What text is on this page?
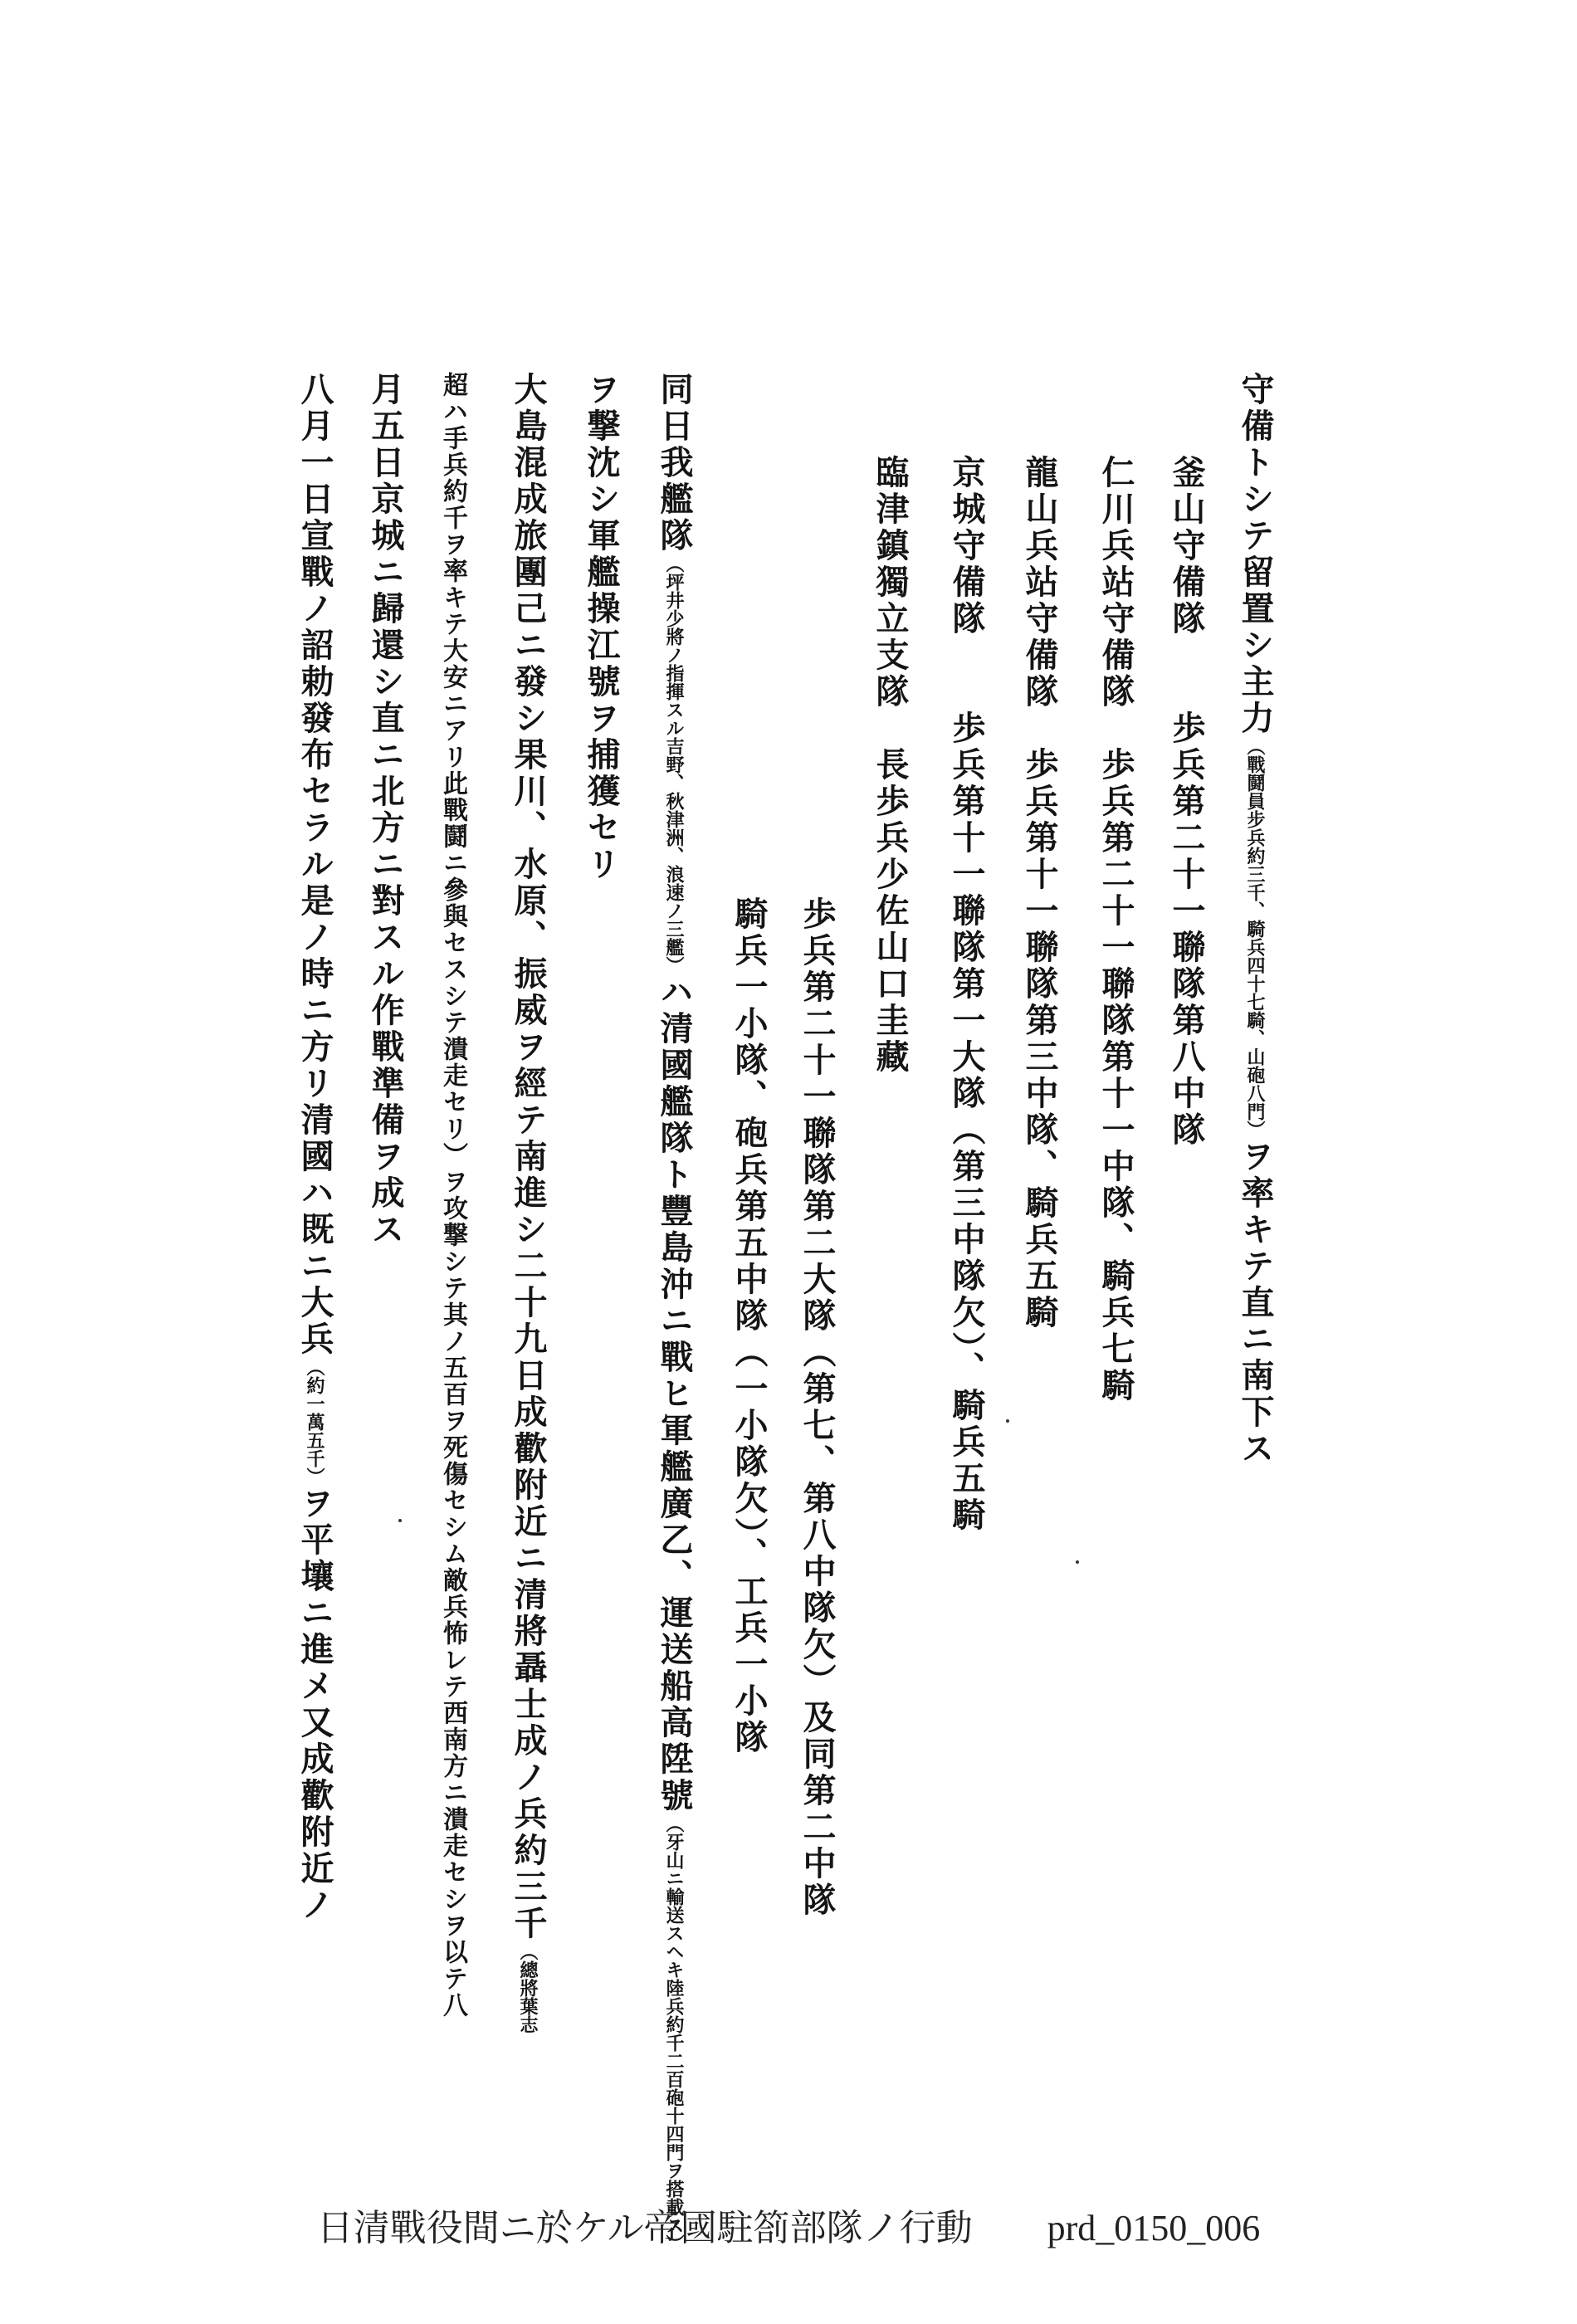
守備トシテ留置シ主力（戰鬪員步兵約三千、騎兵四十七騎、山砲八門）ヲ率キテ直ニ南下ス
釜山守備隊　　歩兵第二十一聯隊第八中隊
仁川兵站守備隊　歩兵第二十一聯隊第十一中隊、騎兵七騎
龍山兵站守備隊　歩兵第十一聯隊第三中隊、騎兵五騎
京城守備隊　　歩兵第十一聯隊第一大隊（第三中隊欠）、騎兵五騎
臨津鎮獨立支隊　長歩兵少佐山口圭藏
歩兵第二十一聯隊第二大隊（第七、第八中隊欠）及同第二中隊
騎兵一小隊、砲兵第五中隊（一小隊欠）、工兵一小隊
同日我艦隊（坪井少將ノ指揮スル吉野、秋津洲、浪速ノ三艦）ハ清國艦隊ト豐島沖ニ戰ヒ軍艦廣乙、運送船高陞號（牙山ニ輸送スヘキ陸兵約千二百砲十四門ヲ搭載ス）
ヲ撃沈シ軍艦操江號ヲ捕獲セリ
大島混成旅團己ニ發シ果川、水原、振威ヲ經テ南進シ二十九日成歡附近ニ清將聶士成ノ兵約三千（總將葉志
超ハ手兵約千ヲ率キテ大安ニアリ此戰鬪ニ參與セスシテ潰走セリ）ヲ攻撃シテ其ノ五百ヲ死傷セシム敵兵怖レテ西南方ニ潰走セシヲ以テ八
月五日京城ニ歸還シ直ニ北方ニ對スル作戰準備ヲ成ス
八月一日宣戰ノ詔勅發布セラル是ノ時ニ方リ清國ハ既ニ大兵（約一萬五千）ヲ平壤ニ進メ又成歡附近ノ
日清戰役間ニ於ケル帝國駐箚部隊ノ行動 prd_0150_006
